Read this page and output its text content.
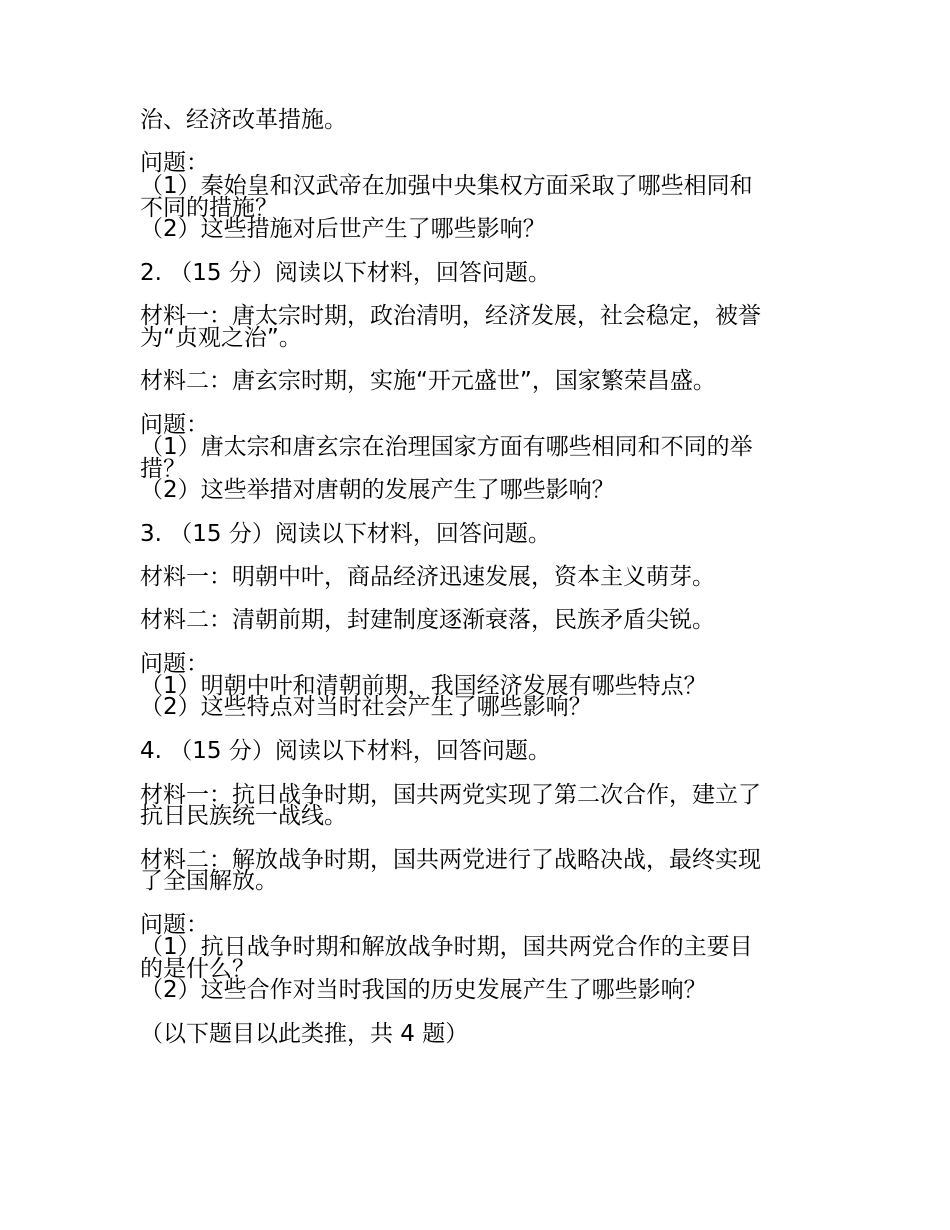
治、经济改革措施。
问题：
（1）秦始皇和汉武帝在加强中央集权方面采取了哪些相同和
不同的措施？
（2）这些措施对后世产生了哪些影响？
2. （15 分）阅读以下材料，回答问题。
材料一：唐太宗时期，政治清明，经济发展，社会稳定，被誉
为“贞观之治”。
材料二：唐玄宗时期，实施“开元盛世”，国家繁荣昌盛。
问题：
（1）唐太宗和唐玄宗在治理国家方面有哪些相同和不同的举
措？
（2）这些举措对唐朝的发展产生了哪些影响？
3. （15 分）阅读以下材料，回答问题。
材料一：明朝中叶，商品经济迅速发展，资本主义萌芽。
材料二：清朝前期，封建制度逐渐衰落，民族矛盾尖锐。
问题：
（1）明朝中叶和清朝前期，我国经济发展有哪些特点？
（2）这些特点对当时社会产生了哪些影响？
4. （15 分）阅读以下材料，回答问题。
材料一：抗日战争时期，国共两党实现了第二次合作，建立了
抗日民族统一战线。
材料二：解放战争时期，国共两党进行了战略决战，最终实现
了全国解放。
问题：
（1）抗日战争时期和解放战争时期，国共两党合作的主要目
的是什么？
（2）这些合作对当时我国的历史发展产生了哪些影响？
（以下题目以此类推，共 4 题）
